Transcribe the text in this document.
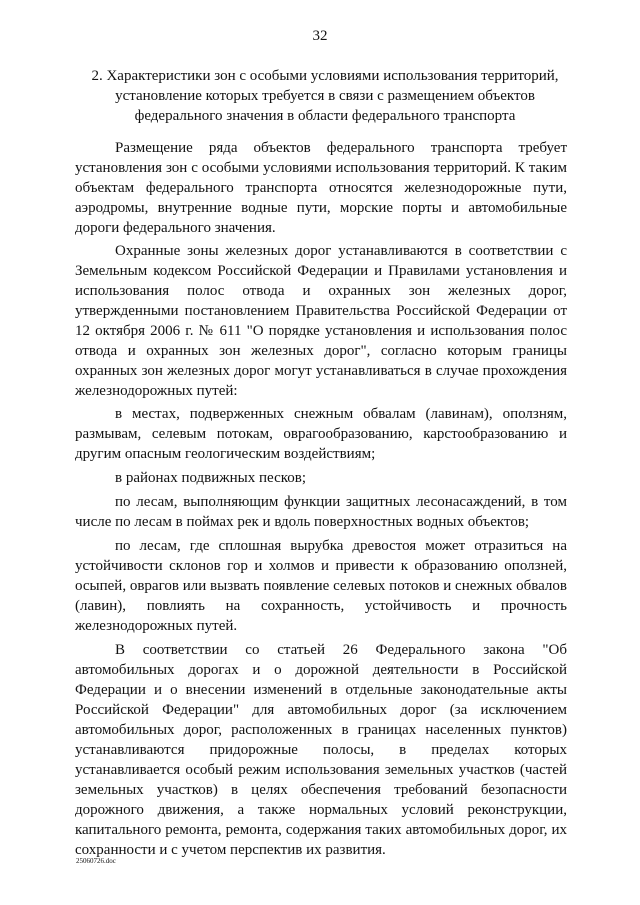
32
2. Характеристики зон с особыми условиями использования территорий,
установление которых требуется в связи с размещением объектов
федерального значения в области федерального транспорта

Размещение ряда объектов федерального транспорта требует установления зон с особыми условиями использования территорий. К таким объектам федерального транспорта относятся железнодорожные пути, аэродромы, внутренние водные пути, морские порты и автомобильные дороги федерального значения.

Охранные зоны железных дорог устанавливаются в соответствии с Земельным кодексом Российской Федерации и Правилами установления и использования полос отвода и охранных зон железных дорог, утвержденными постановлением Правительства Российской Федерации от 12 октября 2006 г. № 611 "О порядке установления и использования полос отвода и охранных зон железных дорог", согласно которым границы охранных зон железных дорог могут устанавливаться в случае прохождения железнодорожных путей:

в местах, подверженных снежным обвалам (лавинам), оползням, размывам, селевым потокам, оврагообразованию, карстообразованию и другим опасным геологическим воздействиям;

в районах подвижных песков;

по лесам, выполняющим функции защитных лесонасаждений, в том числе по лесам в поймах рек и вдоль поверхностных водных объектов;

по лесам, где сплошная вырубка древостоя может отразиться на устойчивости склонов гор и холмов и привести к образованию оползней, осыпей, оврагов или вызвать появление селевых потоков и снежных обвалов (лавин), повлиять на сохранность, устойчивость и прочность железнодорожных путей.

В соответствии со статьей 26 Федерального закона "Об автомобильных дорогах и о дорожной деятельности в Российской Федерации и о внесении изменений в отдельные законодательные акты Российской Федерации" для автомобильных дорог (за исключением автомобильных дорог, расположенных в границах населенных пунктов) устанавливаются придорожные полосы, в пределах которых устанавливается особый режим использования земельных участков (частей земельных участков) в целях обеспечения требований безопасности дорожного движения, а также нормальных условий реконструкции, капитального ремонта, ремонта, содержания таких автомобильных дорог, их сохранности и с учетом перспектив их развития.

25060726.doc
